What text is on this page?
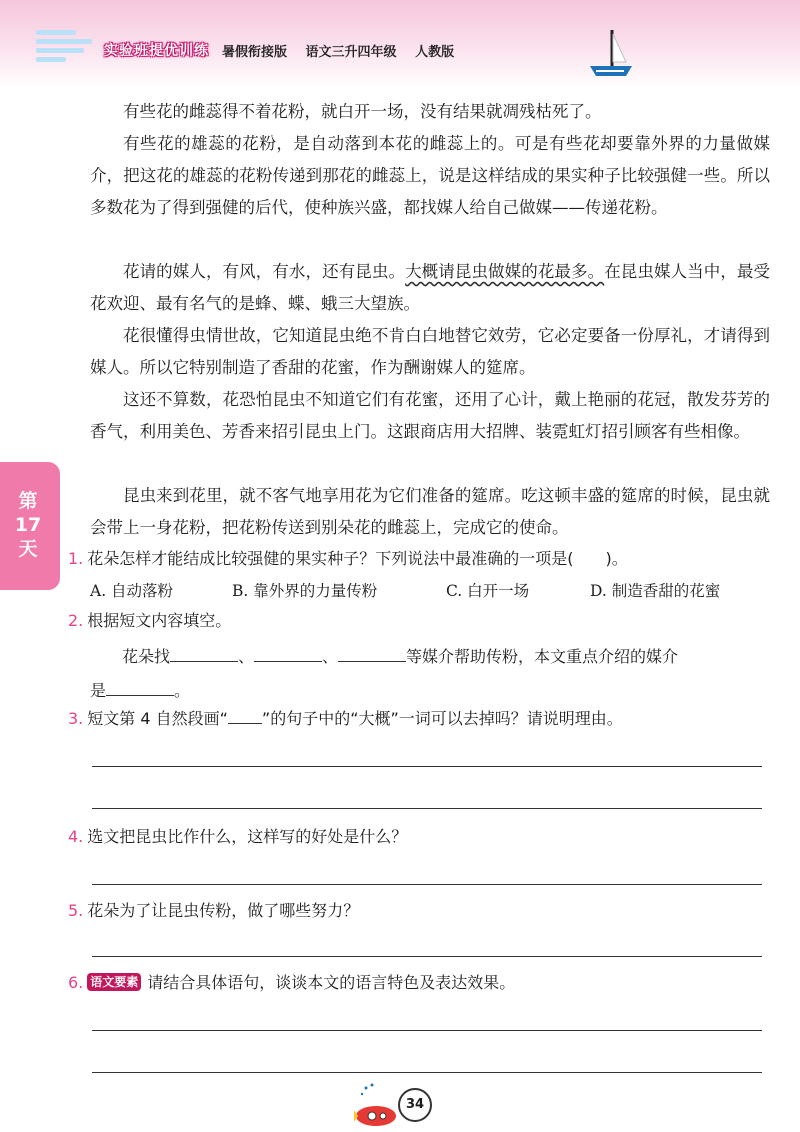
实验班提优训练 暑假衔接版 语文三升四年级 人教版
第
17
天

有些花的雌蕊得不着花粉，就白开一场，没有结果就凋残枯死了。

有些花的雄蕊的花粉，是自动落到本花的雌蕊上的。可是有些花却要靠外界的力量做媒介，把这花的雄蕊的花粉传递到那花的雌蕊上，说是这样结成的果实种子比较强健一些。所以多数花为了得到强健的后代，使种族兴盛，都找媒人给自己做媒——传递花粉。

花请的媒人，有风，有水，还有昆虫。大概请昆虫做媒的花最多。在昆虫媒人当中，最受花欢迎、最有名气的是蜂、蝶、蛾三大望族。

花很懂得虫情世故，它知道昆虫绝不肯白白地替它效劳，它必定要备一份厚礼，才请得到媒人。所以它特别制造了香甜的花蜜，作为酬谢媒人的筵席。

这还不算数，花恐怕昆虫不知道它们有花蜜，还用了心计，戴上艳丽的花冠，散发芬芳的香气，利用美色、芳香来招引昆虫上门。这跟商店用大招牌、装霓虹灯招引顾客有些相像。

昆虫来到花里，就不客气地享用花为它们准备的筵席。吃这顿丰盛的筵席的时候，昆虫就会带上一身花粉，把花粉传送到别朵花的雌蕊上，完成它的使命。

1. 花朵怎样才能结成比较强健的果实种子？下列说法中最准确的一项是(　　)。
A. 自动落粉	B. 靠外界的力量传粉	C. 白开一场	D. 制造香甜的花蜜
2. 根据短文内容填空。
花朵找	、	、	等媒介帮助传粉，本文重点介绍的媒介
是	。
3. 短文第 4 自然段画“ ”的句子中的“大概”一词可以去掉吗？请说明理由。
4. 选文把昆虫比作什么，这样写的好处是什么？
5. 花朵为了让昆虫传粉，做了哪些努力？
6. 语文要素 请结合具体语句，谈谈本文的语言特色及表达效果。
34
